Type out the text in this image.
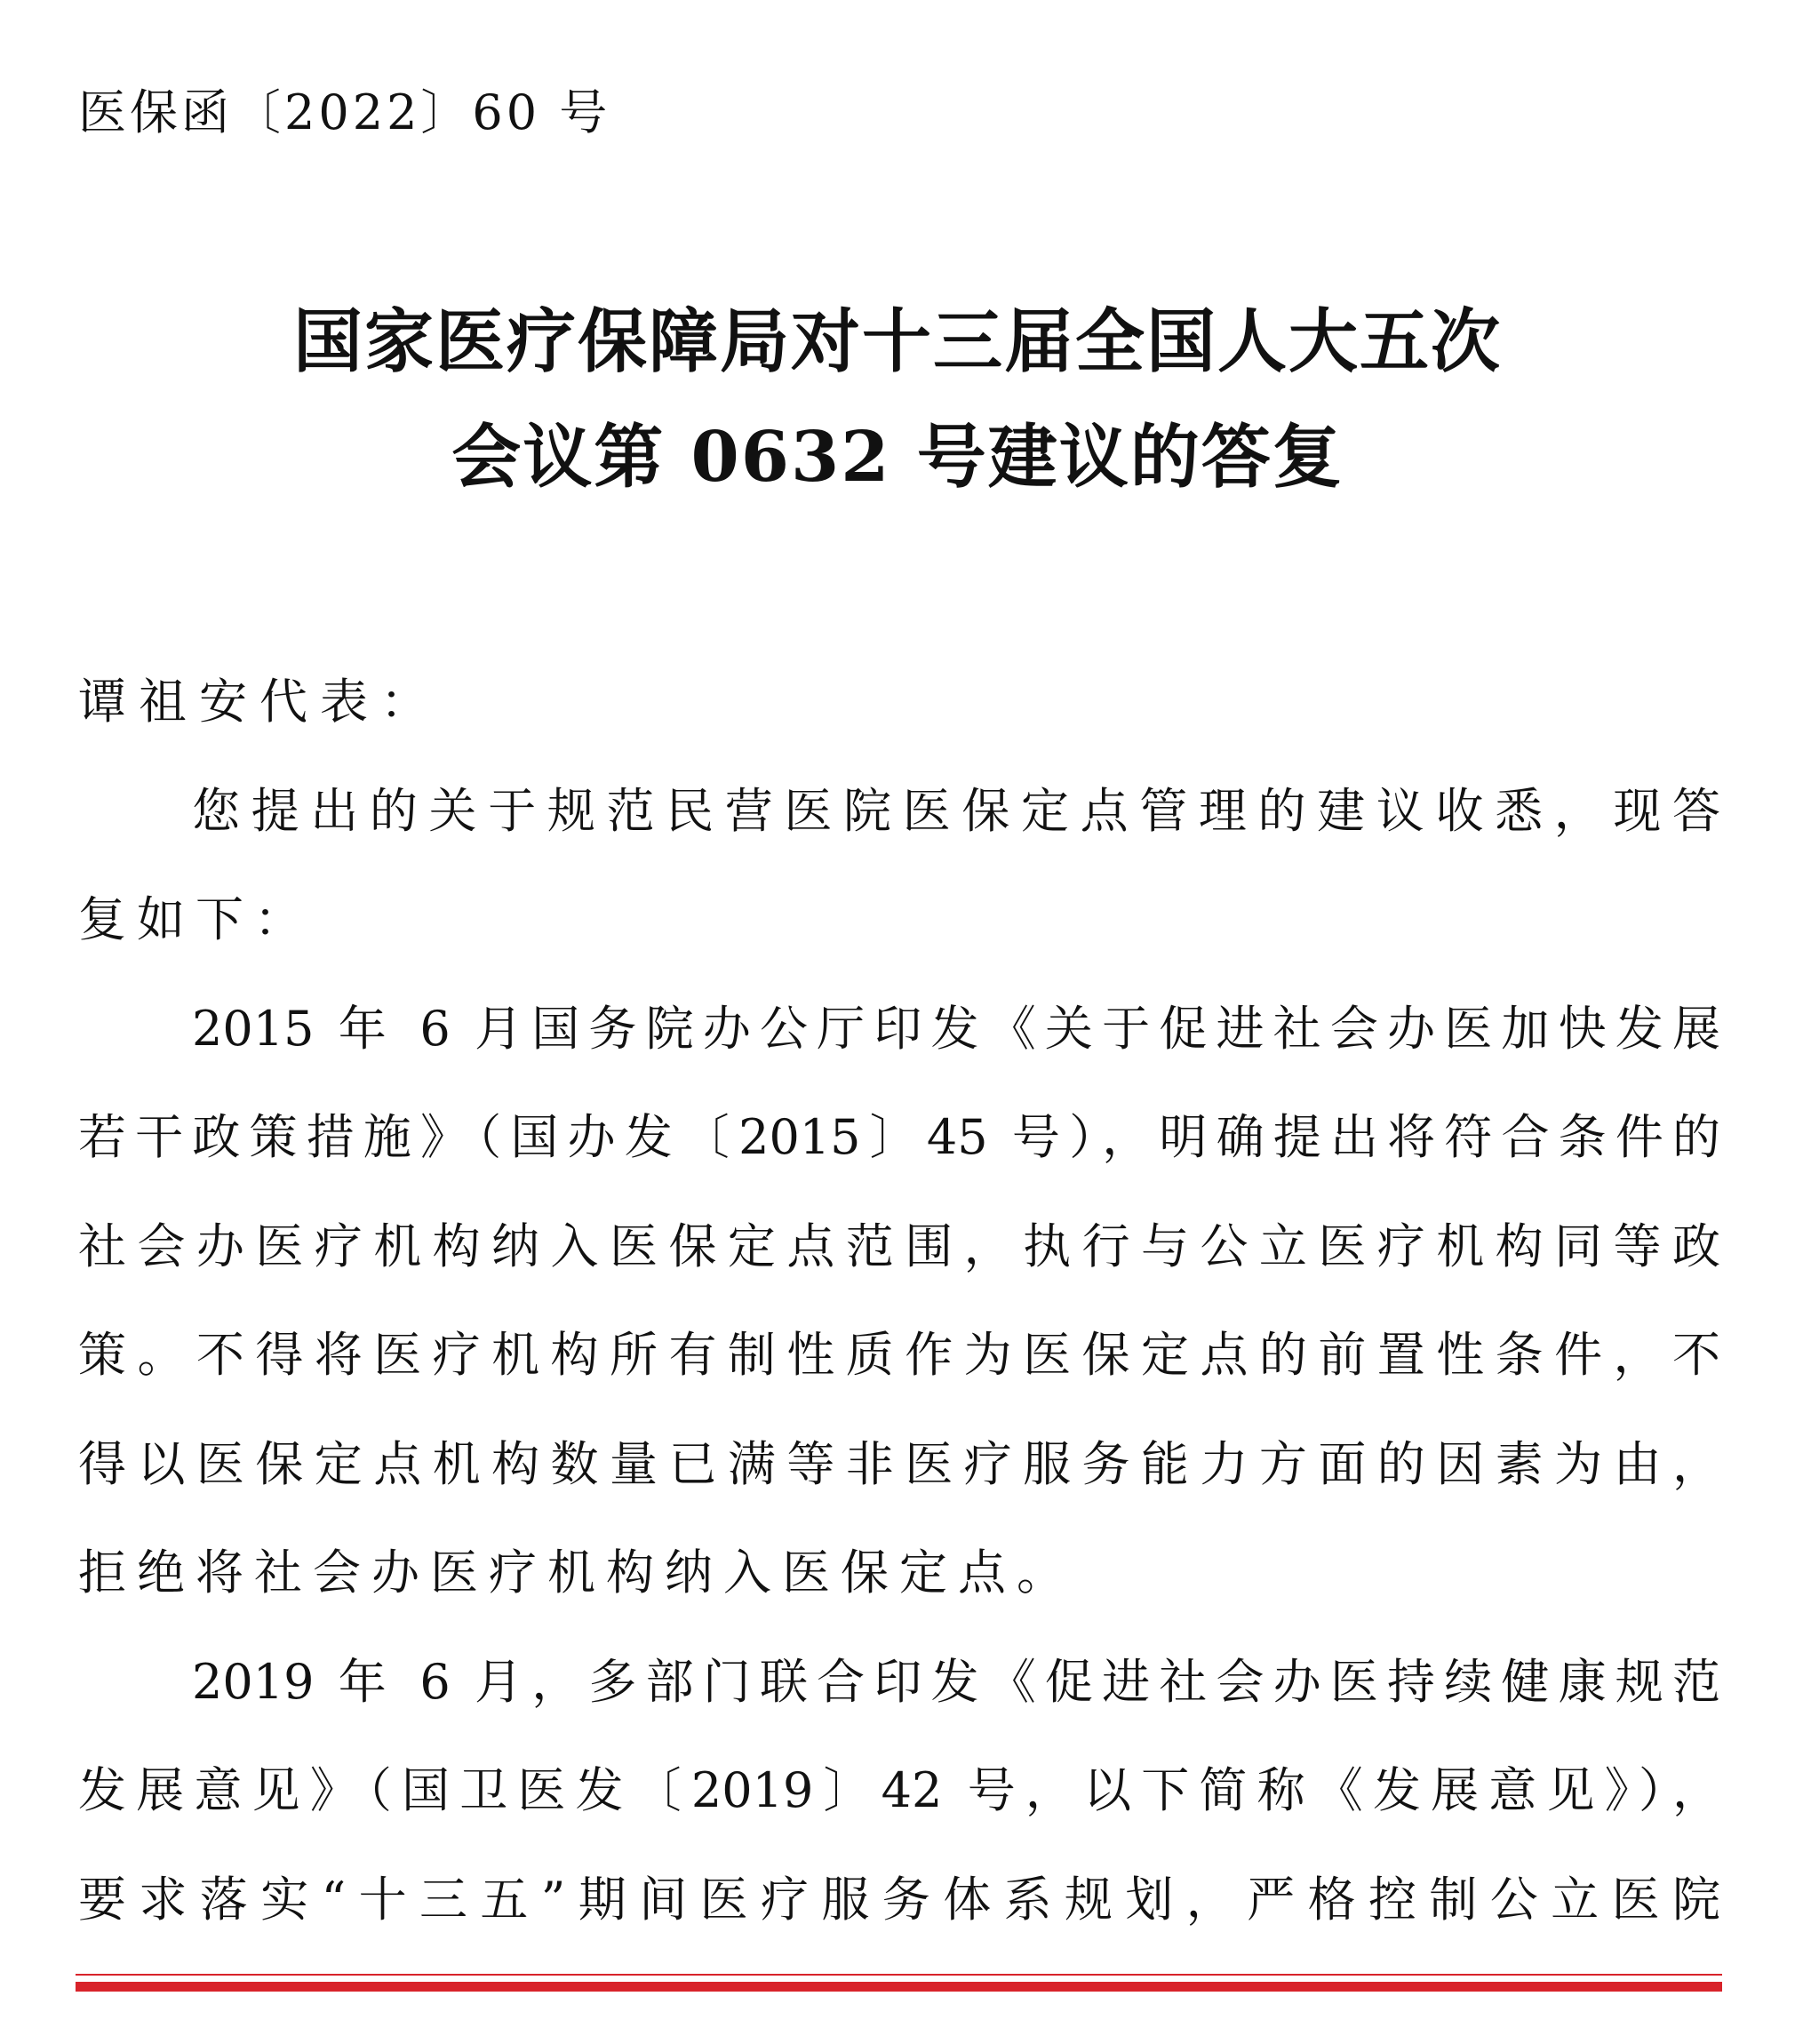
医保函〔2022〕60 号
国家医疗保障局对十三届全国人大五次
会议第 0632 号建议的答复
谭祖安代表：
您提出的关于规范民营医院医保定点管理的建议收悉，现答
复如下：
2015 年 6 月国务院办公厅印发《关于促进社会办医加快发展
若干政策措施》（国办发〔2015〕45 号），明确提出将符合条件的
社会办医疗机构纳入医保定点范围，执行与公立医疗机构同等政
策。不得将医疗机构所有制性质作为医保定点的前置性条件，不
得以医保定点机构数量已满等非医疗服务能力方面的因素为由，
拒绝将社会办医疗机构纳入医保定点。
2019 年 6 月，多部门联合印发《促进社会办医持续健康规范
发展意见》（国卫医发〔2019〕42 号，以下简称《发展意见》），
要求落实“十三五”期间医疗服务体系规划，严格控制公立医院
